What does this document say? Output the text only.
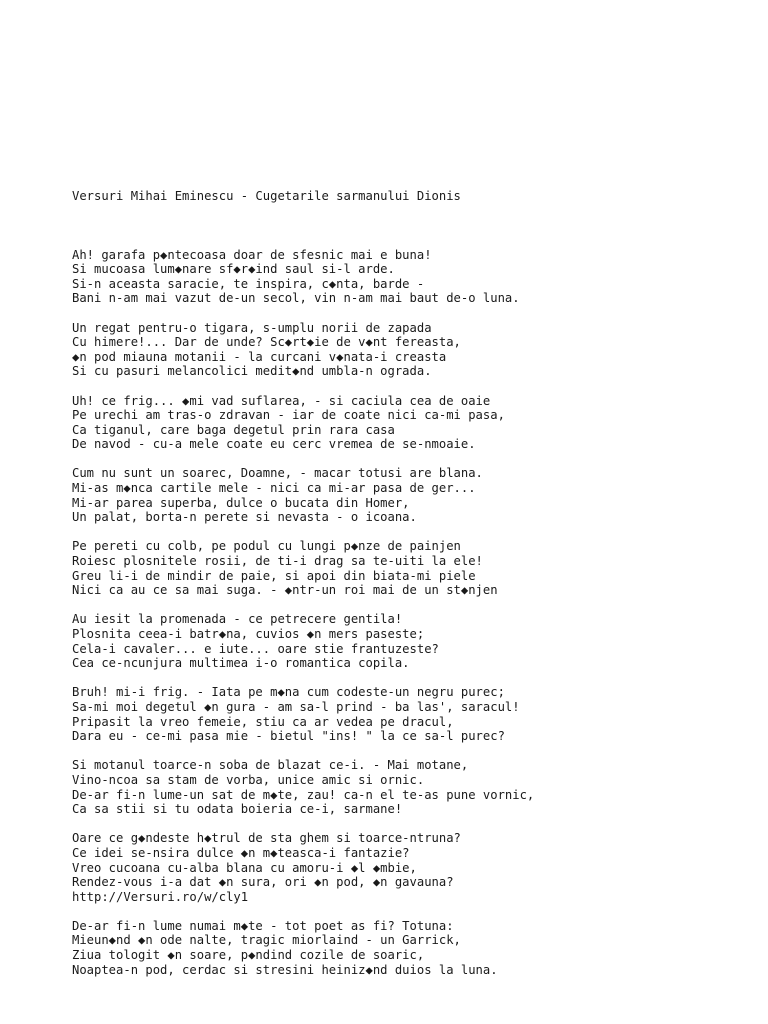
Versuri Mihai Eminescu - Cugetarile sarmanului Dionis

Ah! garafa p◆ntecoasa doar de sfesnic mai e buna!
Si mucoasa lum◆nare sf◆r◆ind saul si-l arde.
Si-n aceasta saracie, te inspira, c◆nta, barde -
Bani n-am mai vazut de-un secol, vin n-am mai baut de-o luna.
Un regat pentru-o tigara, s-umplu norii de zapada
Cu himere!... Dar de unde? Sc◆rt◆ie de v◆nt fereasta,
◆n pod miauna motanii - la curcani v◆nata-i creasta
Si cu pasuri melancolici medit◆nd umbla-n ograda.
Uh! ce frig... ◆mi vad suflarea, - si caciula cea de oaie
Pe urechi am tras-o zdravan - iar de coate nici ca-mi pasa,
Ca tiganul, care baga degetul prin rara casa
De navod - cu-a mele coate eu cerc vremea de se-nmoaie.
Cum nu sunt un soarec, Doamne, - macar totusi are blana.
Mi-as m◆nca cartile mele - nici ca mi-ar pasa de ger...
Mi-ar parea superba, dulce o bucata din Homer,
Un palat, borta-n perete si nevasta - o icoana.
Pe pereti cu colb, pe podul cu lungi p◆nze de painjen
Roiesc plosnitele rosii, de ti-i drag sa te-uiti la ele!
Greu li-i de mindir de paie, si apoi din biata-mi piele
Nici ca au ce sa mai suga. - ◆ntr-un roi mai de un st◆njen
Au iesit la promenada - ce petrecere gentila!
Plosnita ceea-i batr◆na, cuvios ◆n mers paseste;
Cela-i cavaler... e iute... oare stie frantuzeste?
Cea ce-ncunjura multimea i-o romantica copila.
Bruh! mi-i frig. - Iata pe m◆na cum codeste-un negru purec;
Sa-mi moi degetul ◆n gura - am sa-l prind - ba las', saracul!
Pripasit la vreo femeie, stiu ca ar vedea pe dracul,
Dara eu - ce-mi pasa mie - bietul "ins! " la ce sa-l purec?
Si motanul toarce-n soba de blazat ce-i. - Mai motane,
Vino-ncoa sa stam de vorba, unice amic si ornic.
De-ar fi-n lume-un sat de m◆te, zau! ca-n el te-as pune vornic,
Ca sa stii si tu odata boieria ce-i, sarmane!
Oare ce g◆ndeste h◆trul de sta ghem si toarce-ntruna?
Ce idei se-nsira dulce ◆n m◆teasca-i fantazie?
Vreo cucoana cu-alba blana cu amoru-i ◆l ◆mbie,
Rendez-vous i-a dat ◆n sura, ori ◆n pod, ◆n gavauna?
http://Versuri.ro/w/cly1
De-ar fi-n lume numai m◆te - tot poet as fi? Totuna:
Mieun◆nd ◆n ode nalte, tragic miorlaind - un Garrick,
Ziua tologit ◆n soare, p◆ndind cozile de soaric,
Noaptea-n pod, cerdac si stresini heiniz◆nd duios la luna.
